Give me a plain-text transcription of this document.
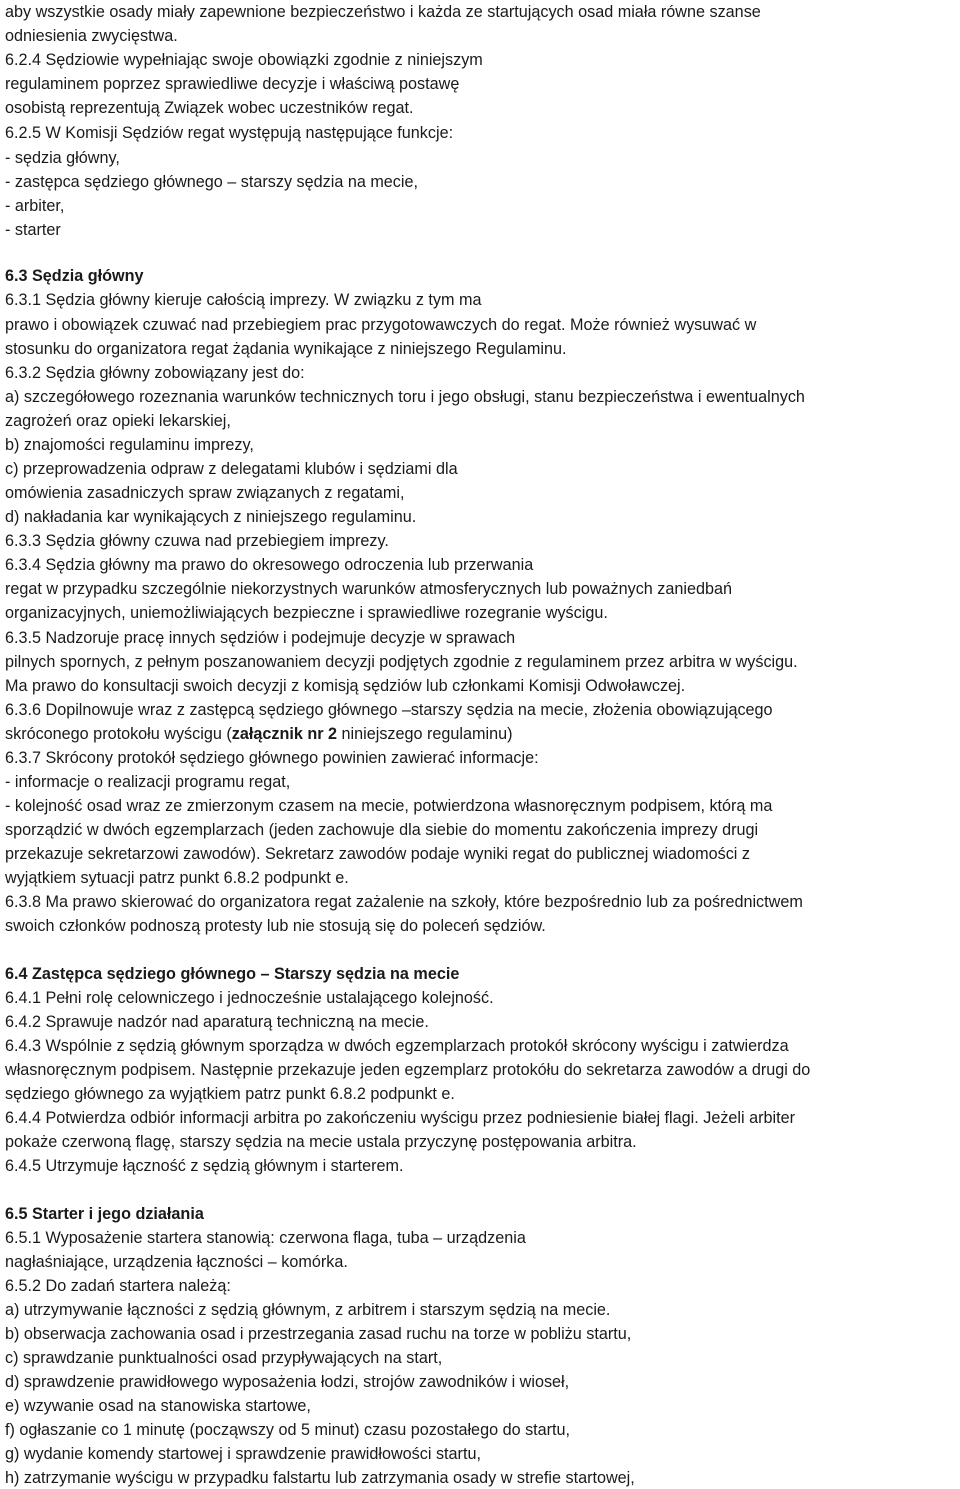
aby wszystkie osady miały zapewnione bezpieczeństwo i każda ze startujących osad miała równe szanse
odniesienia zwycięstwa.
6.2.4 Sędziowie wypełniając swoje obowiązki zgodnie z niniejszym
regulaminem poprzez sprawiedliwe decyzje i właściwą postawę
osobistą reprezentują Związek wobec uczestników regat.
6.2.5 W Komisji Sędziów regat występują następujące funkcje:
- sędzia główny,
- zastępca sędziego głównego – starszy sędzia na mecie,
- arbiter,
- starter
6.3 Sędzia główny
6.3.1 Sędzia główny kieruje całością imprezy. W związku z tym ma
prawo i obowiązek czuwać nad przebiegiem prac przygotowawczych do regat. Może również wysuwać w
stosunku do organizatora regat żądania wynikające z niniejszego Regulaminu.
6.3.2 Sędzia główny zobowiązany jest do:
a) szczegółowego rozeznania warunków technicznych toru i jego obsługi, stanu bezpieczeństwa i ewentualnych
zagrożeń oraz opieki lekarskiej,
b) znajomości regulaminu imprezy,
c) przeprowadzenia odpraw z delegatami klubów i sędziami dla
omówienia zasadniczych spraw związanych z regatami,
d) nakładania kar wynikających z niniejszego regulaminu.
6.3.3 Sędzia główny czuwa nad przebiegiem imprezy.
6.3.4 Sędzia główny ma prawo do okresowego odroczenia lub przerwania
regat w przypadku szczególnie niekorzystnych warunków atmosferycznych lub poważnych zaniedbań
organizacyjnych, uniemożliwiających bezpieczne i sprawiedliwe rozegranie wyścigu.
6.3.5 Nadzoruje pracę innych sędziów i podejmuje decyzje w sprawach
pilnych spornych, z pełnym poszanowaniem decyzji podjętych zgodnie z regulaminem przez arbitra w wyścigu.
Ma prawo do konsultacji swoich decyzji z komisją sędziów lub członkami Komisji Odwoławczej.
6.3.6 Dopilnowuje wraz z zastępcą sędziego głównego –starszy sędzia na mecie, złożenia obowiązującego
skróconego protokołu wyścigu (załącznik nr 2 niniejszego regulaminu)
6.3.7 Skrócony protokół sędziego głównego powinien zawierać informacje:
- informacje o realizacji programu regat,
- kolejność osad wraz ze zmierzonym czasem na mecie, potwierdzona własnoręcznym podpisem, którą ma
sporządzić w dwóch egzemplarzach (jeden zachowuje dla siebie do momentu zakończenia imprezy drugi
przekazuje sekretarzowi zawodów). Sekretarz zawodów podaje wyniki regat do publicznej wiadomości z
wyjątkiem sytuacji patrz punkt 6.8.2 podpunkt e.
6.3.8 Ma prawo skierować do organizatora regat zażalenie na szkoły, które bezpośrednio lub za pośrednictwem
swoich członków podnoszą protesty lub nie stosują się do poleceń sędziów.
6.4 Zastępca sędziego głównego – Starszy sędzia na mecie
6.4.1 Pełni rolę celowniczego i jednocześnie ustalającego kolejność.
6.4.2 Sprawuje nadzór nad aparaturą techniczną na mecie.
6.4.3 Wspólnie z sędzią głównym sporządza w dwóch egzemplarzach protokół skrócony wyścigu i zatwierdza
własnoręcznym podpisem. Następnie przekazuje jeden egzemplarz protokółu do sekretarza zawodów a drugi do
sędziego głównego za wyjątkiem patrz punkt 6.8.2 podpunkt e.
6.4.4 Potwierdza odbiór informacji arbitra po zakończeniu wyścigu przez podniesienie białej flagi. Jeżeli arbiter
pokaże czerwoną flagę, starszy sędzia na mecie ustala przyczynę postępowania arbitra.
6.4.5 Utrzymuje łączność z sędzią głównym i starterem.
6.5 Starter i jego działania
6.5.1 Wyposażenie startera stanowią: czerwona flaga, tuba – urządzenia
nagłaśniające, urządzenia łączności – komórka.
6.5.2 Do zadań startera należą:
a) utrzymywanie łączności z sędzią głównym, z arbitrem i starszym sędzią na mecie.
b) obserwacja zachowania osad i przestrzegania zasad ruchu na torze w pobliżu startu,
c) sprawdzanie punktualności osad przypływających na start,
d) sprawdzenie prawidłowego wyposażenia łodzi, strojów zawodników i wioseł,
e) wzywanie osad na stanowiska startowe,
f) ogłaszanie co 1 minutę (począwszy od 5 minut) czasu pozostałego do startu,
g) wydanie komendy startowej i sprawdzenie prawidłowości startu,
h) zatrzymanie wyścigu w przypadku falstartu lub zatrzymania osady w strefie startowej,
